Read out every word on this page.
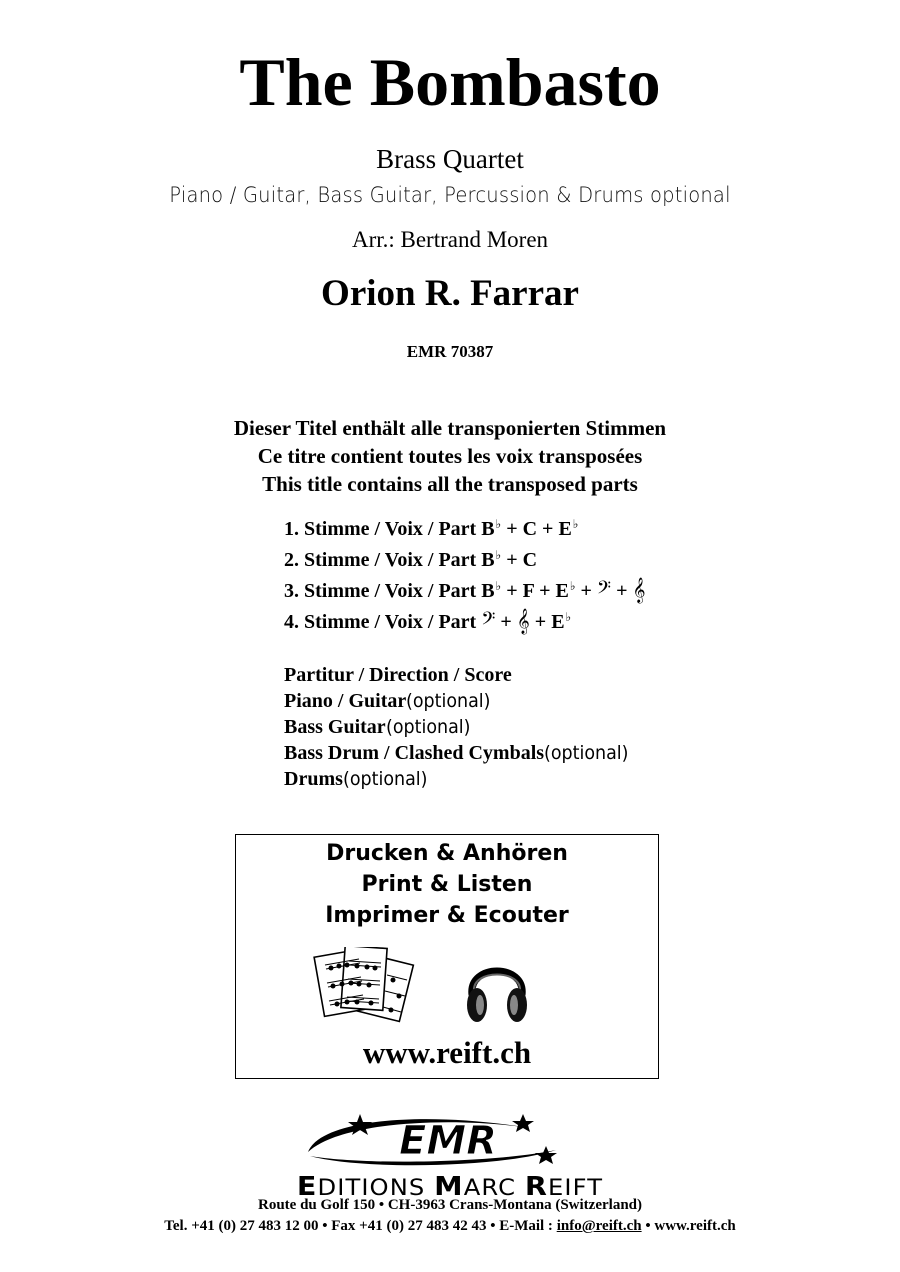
The Bombasto
Brass Quartet
Piano / Guitar, Bass Guitar, Percussion & Drums optional
Arr.: Bertrand Moren
Orion R. Farrar
EMR 70387
Dieser Titel enthält alle transponierten Stimmen
Ce titre contient toutes les voix transposées
This title contains all the transposed parts
1. Stimme / Voix / Part B♭ + C + E♭
2. Stimme / Voix / Part B♭ + C
3. Stimme / Voix / Part B♭ + F + E♭ + 𝄢 + 𝄞
4. Stimme / Voix / Part 𝄢 + 𝄞 + E♭
Partitur / Direction / Score
Piano / Guitar(optional)
Bass Guitar(optional)
Bass Drum / Clashed Cymbals(optional)
Drums(optional)
Drucken & Anhören
Print & Listen
Imprimer & Ecouter
www.reift.ch
EMR
EDITIONS MARC REIFT
Route du Golf 150 • CH-3963 Crans-Montana (Switzerland)
Tel. +41 (0) 27 483 12 00 • Fax +41 (0) 27 483 42 43 • E-Mail : info@reift.ch • www.reift.ch
